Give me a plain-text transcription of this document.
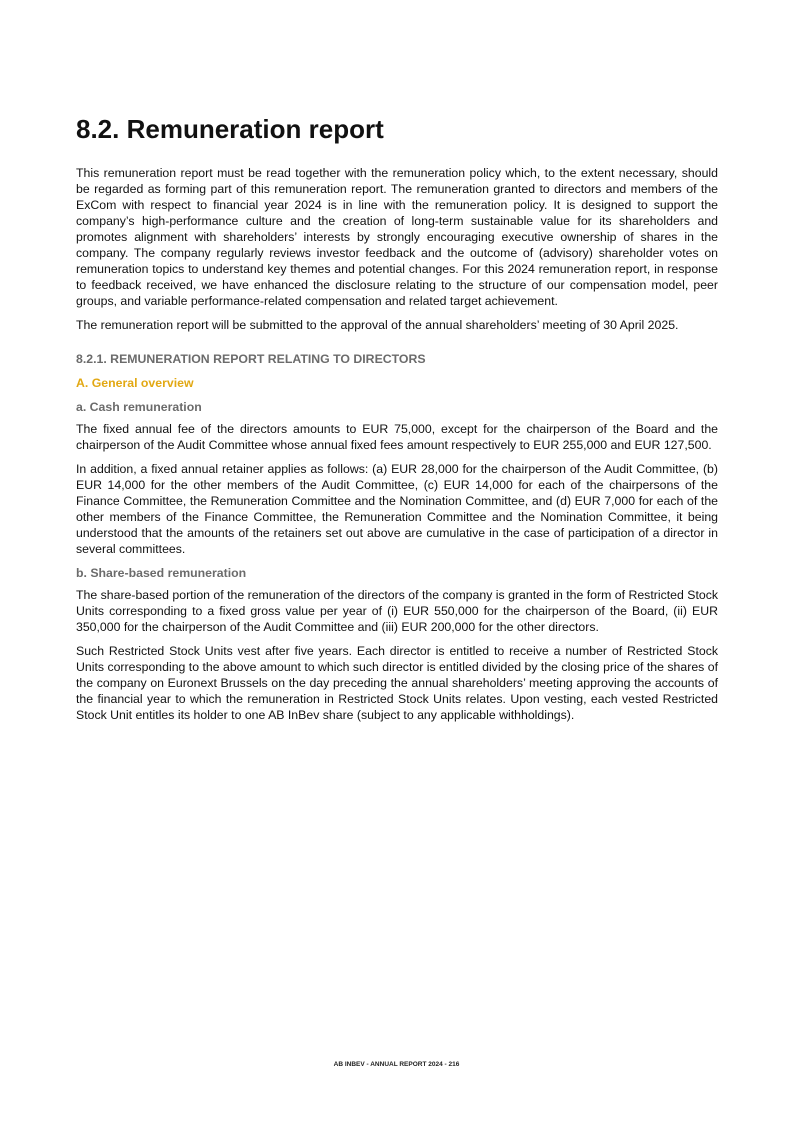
8.2. Remuneration report

This remuneration report must be read together with the remuneration policy which, to the extent necessary, should be regarded as forming part of this remuneration report. The remuneration granted to directors and members of the ExCom with respect to financial year 2024 is in line with the remuneration policy. It is designed to support the company’s high-performance culture and the creation of long-term sustainable value for its shareholders and promotes alignment with shareholders’ interests by strongly encouraging executive ownership of shares in the company. The company regularly reviews investor feedback and the outcome of (advisory) shareholder votes on remuneration topics to understand key themes and potential changes. For this 2024 remuneration report, in response to feedback received, we have enhanced the disclosure relating to the structure of our compensation model, peer groups, and variable performance-related compensation and related target achievement.

The remuneration report will be submitted to the approval of the annual shareholders’ meeting of 30 April 2025.

8.2.1. REMUNERATION REPORT RELATING TO DIRECTORS
A. General overview
a. Cash remuneration

The fixed annual fee of the directors amounts to EUR 75,000, except for the chairperson of the Board and the chairperson of the Audit Committee whose annual fixed fees amount respectively to EUR 255,000 and EUR 127,500.

In addition, a fixed annual retainer applies as follows: (a) EUR 28,000 for the chairperson of the Audit Committee, (b) EUR 14,000 for the other members of the Audit Committee, (c) EUR 14,000 for each of the chairpersons of the Finance Committee, the Remuneration Committee and the Nomination Committee, and (d) EUR 7,000 for each of the other members of the Finance Committee, the Remuneration Committee and the Nomination Committee, it being understood that the amounts of the retainers set out above are cumulative in the case of participation of a director in several committees.

b. Share-based remuneration

The share-based portion of the remuneration of the directors of the company is granted in the form of Restricted Stock Units corresponding to a fixed gross value per year of (i) EUR 550,000 for the chairperson of the Board, (ii) EUR 350,000 for the chairperson of the Audit Committee and (iii) EUR 200,000 for the other directors.

Such Restricted Stock Units vest after five years. Each director is entitled to receive a number of Restricted Stock Units corresponding to the above amount to which such director is entitled divided by the closing price of the shares of the company on Euronext Brussels on the day preceding the annual shareholders’ meeting approving the accounts of the financial year to which the remuneration in Restricted Stock Units relates. Upon vesting, each vested Restricted Stock Unit entitles its holder to one AB InBev share (subject to any applicable withholdings).

AB INBEV - ANNUAL REPORT 2024 - 216
